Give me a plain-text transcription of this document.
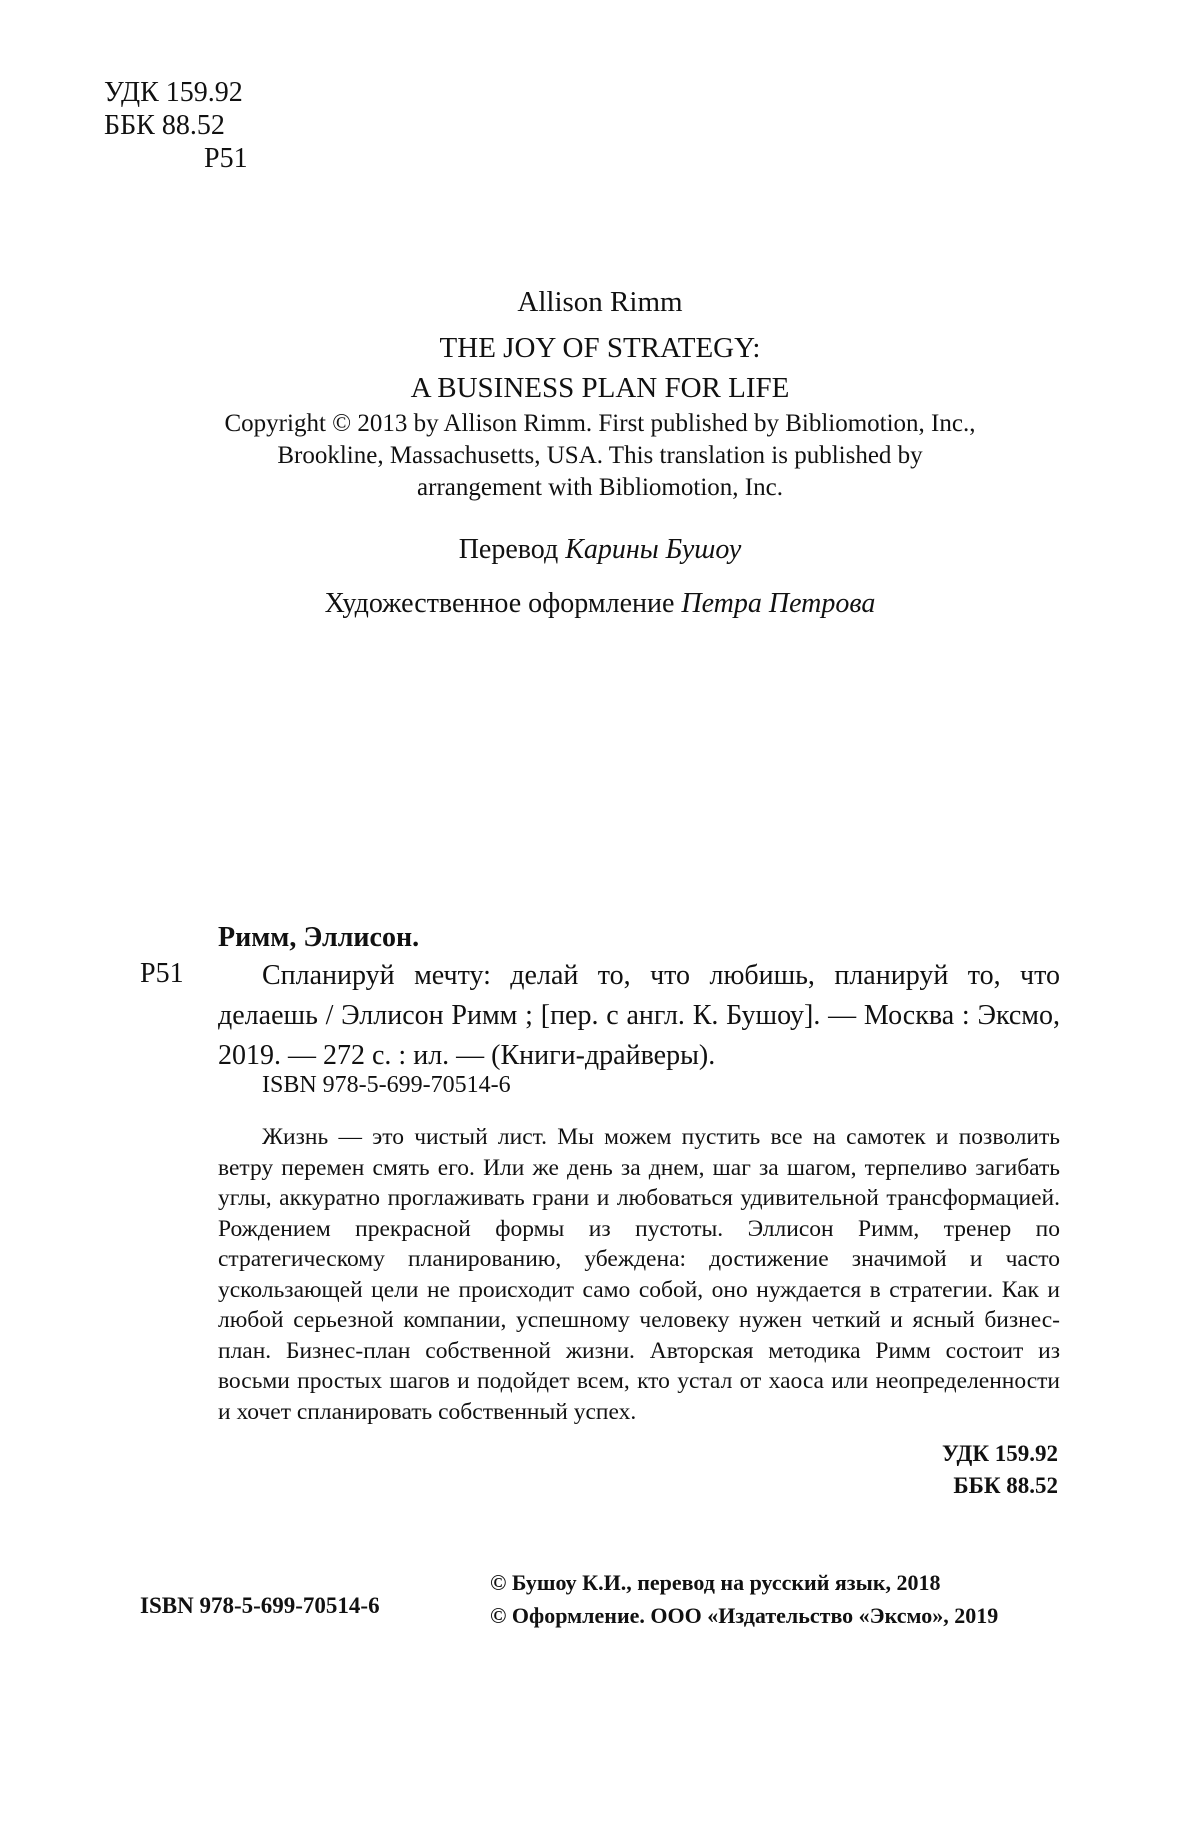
УДК 159.92
ББК 88.52
Р51
Allison Rimm
THE JOY OF STRATEGY:
A BUSINESS PLAN FOR LIFE
Copyright © 2013 by Allison Rimm. First published by Bibliomotion, Inc.,
Brookline, Massachusetts, USA. This translation is published by
arrangement with Bibliomotion, Inc.
Перевод Карины Бушоу
Художественное оформление Петра Петрова
Римм, Эллисон.
Р51	Спланируй мечту: делай то, что любишь, планируй то, что делаешь / Эллисон Римм ; [пер. с англ. К. Бушоу]. — Москва : Эксмо, 2019. — 272 с. : ил. — (Книги-драйверы).
ISBN 978-5-699-70514-6
Жизнь — это чистый лист. Мы можем пустить все на самотек и позволить ветру перемен смять его. Или же день за днем, шаг за шагом, терпеливо загибать углы, аккуратно проглаживать грани и любоваться удивительной трансформацией. Рождением прекрасной формы из пустоты. Эллисон Римм, тренер по стратегическому планированию, убеждена: достижение значимой и часто ускользающей цели не происходит само собой, оно нуждается в стратегии. Как и любой серьезной компании, успешному человеку нужен четкий и ясный бизнес-план. Бизнес-план собственной жизни. Авторская методика Римм состоит из восьми простых шагов и подойдет всем, кто устал от хаоса или неопределенности и хочет спланировать собственный успех.
УДК 159.92
ББК 88.52
ISBN 978-5-699-70514-6
© Бушоу К.И., перевод на русский язык, 2018
© Оформление. ООО «Издательство «Эксмо», 2019
